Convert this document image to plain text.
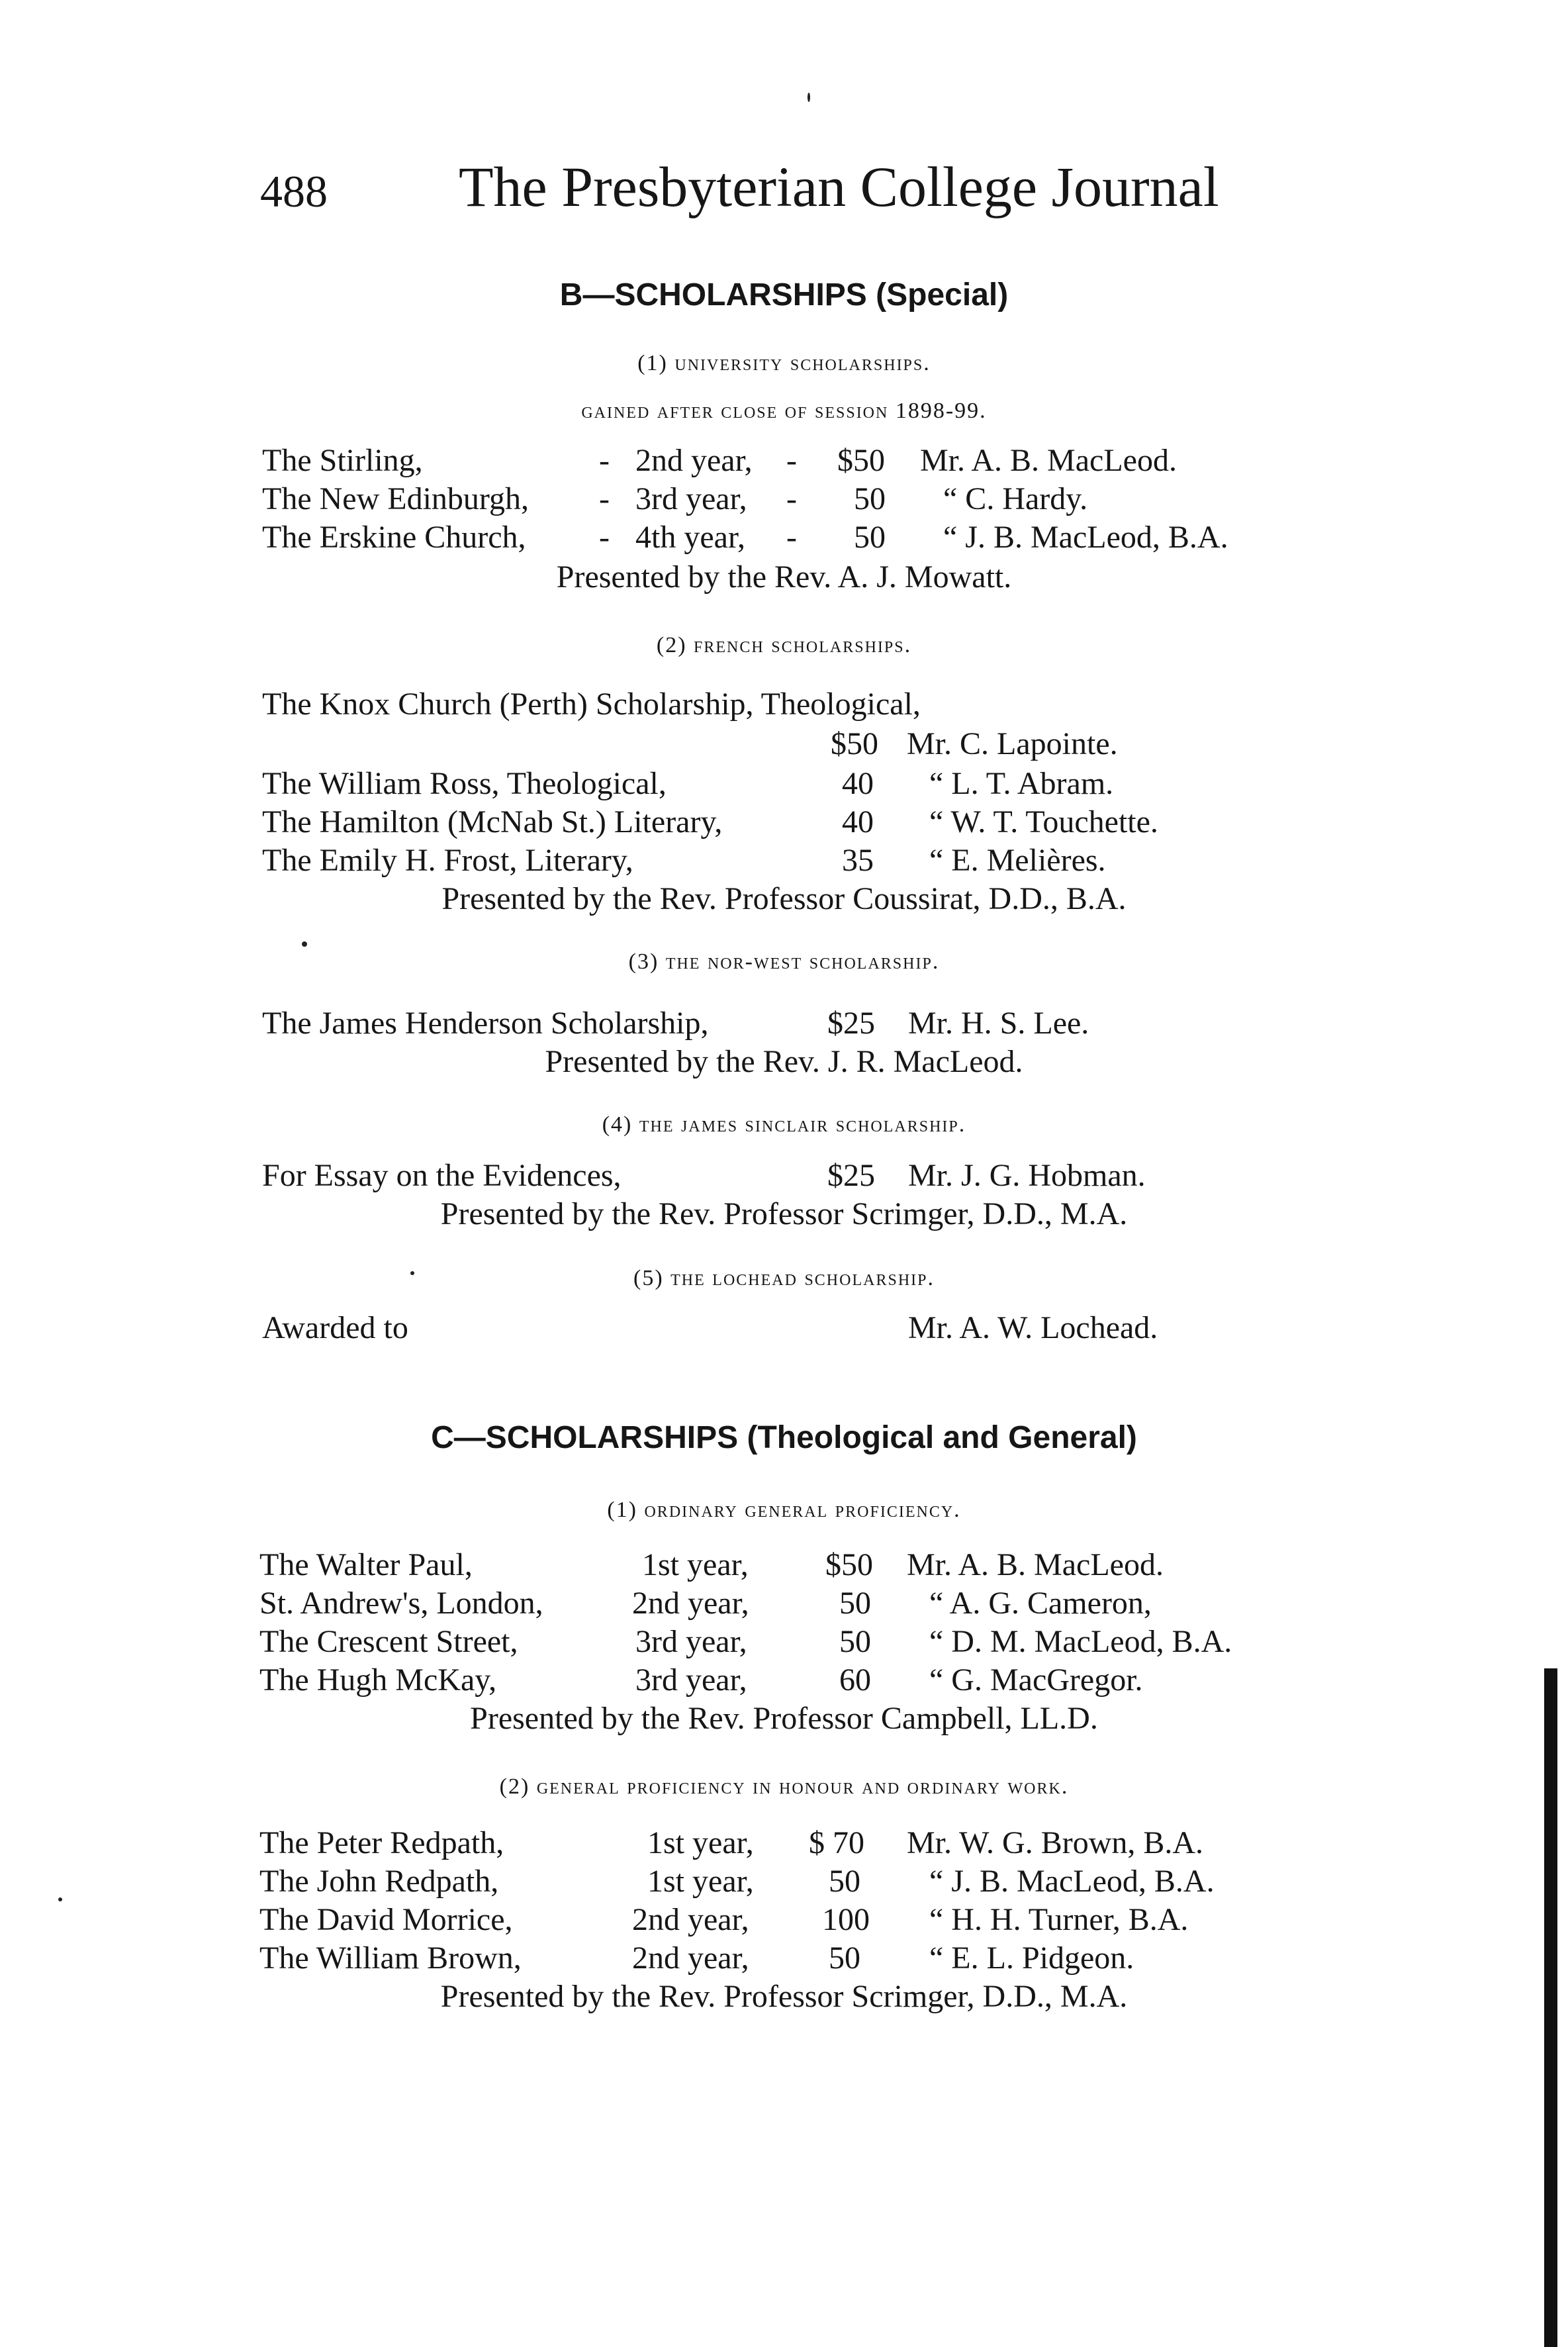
488 The Presbyterian College Journal
B—SCHOLARSHIPS (Special)
(1) university scholarships.
gained after close of session 1898-99.
The Stirling,	- 2nd year, - $50 Mr. A. B. MacLeod.
The New Edinburgh, - 3rd year, - 50 “ C. Hardy.
The Erskine Church, - 4th year, - 50 “ J. B. MacLeod, B.A.
Presented by the Rev. A. J. Mowatt.
(2) french scholarships.
The Knox Church (Perth) Scholarship, Theological,
$50 Mr. C. Lapointe.
The William Ross, Theological,	40 “ L. T. Abram.
The Hamilton (McNab St.) Literary,	40 “ W. T. Touchette.
The Emily H. Frost, Literary,	35 “ E. Melières.
Presented by the Rev. Professor Coussirat, D.D., B.A.
(3) the nor-west scholarship.
The James Henderson Scholarship,	$25 Mr. H. S. Lee.
Presented by the Rev. J. R. MacLeod.
(4) the james sinclair scholarship.
For Essay on the Evidences,	$25 Mr. J. G. Hobman.
Presented by the Rev. Professor Scrimger, D.D., M.A.
(5) the lochead scholarship.
Awarded to	Mr. A. W. Lochead.
C—SCHOLARSHIPS (Theological and General)
(1) ordinary general proficiency.
The Walter Paul,	1st year, $50 Mr. A. B. MacLeod.
St. Andrew's, London,	2nd year,	50 “ A. G. Cameron,
The Crescent Street,	3rd year,	50 “ D. M. MacLeod, B.A.
The Hugh McKay,	3rd year,	60 “ G. MacGregor.
Presented by the Rev. Professor Campbell, LL.D.
(2) general proficiency in honour and ordinary work.
The Peter Redpath,	1st year, $ 70 Mr. W. G. Brown, B.A.
The John Redpath,	1st year, 50 “ J. B. MacLeod, B.A.
The David Morrice,	2nd year, 100 “ H. H. Turner, B.A.
The William Brown,	2nd year,	50 “ E. L. Pidgeon.
Presented by the Rev. Professor Scrimger, D.D., M.A.
